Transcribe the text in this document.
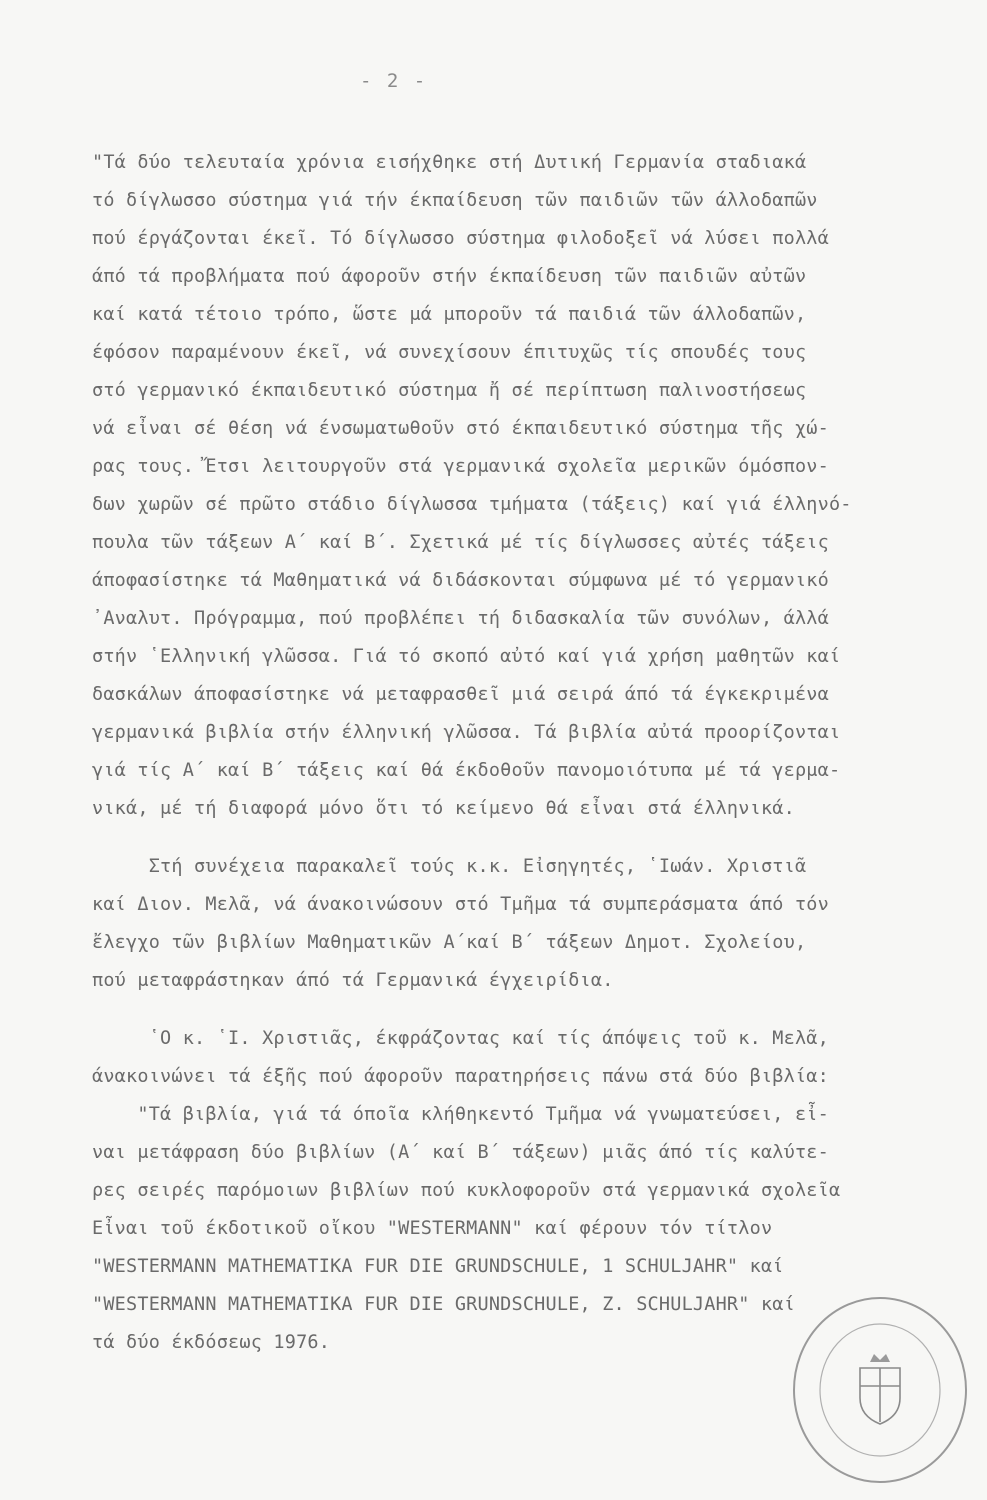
- 2 -
"Τά δύο τελευταία χρόνια εισήχθηκε στή Δυτική Γερμανία σταδιακά
τό δίγλωσσο σύστημα γιά τήν έκπαίδευση τῶν παιδιῶν τῶν άλλοδαπῶν
πού έργάζονται έκεῖ. Τό δίγλωσσο σύστημα φιλοδοξεῖ νά λύσει πολλά
άπό τά προβλήματα πού άφοροῦν στήν έκπαίδευση τῶν παιδιῶν αὐτῶν
καί κατά τέτοιο τρόπο, ὥστε μά μποροῦν τά παιδιά τῶν άλλοδαπῶν,
έφόσον παραμένουν έκεῖ, νά συνεχίσουν έπιτυχῶς τίς σπουδές τους
στό γερμανικό έκπαιδευτικό σύστημα ἤ σέ περίπτωση παλινοστήσεως
νά εἶναι σέ θέση νά ένσωματωθοῦν στό έκπαιδευτικό σύστημα τῆς χώ-
ρας τους. Ἔτσι λειτουργοῦν στά γερμανικά σχολεῖα μερικῶν όμόσπον-
δων χωρῶν σέ πρῶτο στάδιο δίγλωσσα τμήματα (τάξεις) καί γιά έλληνό-
πουλα τῶν τάξεων Α΄ καί Β΄. Σχετικά μέ τίς δίγλωσσες αὐτές τάξεις
άποφασίστηκε τά Μαθηματικά νά διδάσκονται σύμφωνα μέ τό γερμανικό
᾿Αναλυτ. Πρόγραμμα, πού προβλέπει τή διδασκαλία τῶν συνόλων, άλλά
στήν ῾Ελληνική γλῶσσα. Γιά τό σκοπό αὐτό καί γιά χρήση μαθητῶν καί
δασκάλων άποφασίστηκε νά μεταφρασθεῖ μιά σειρά άπό τά έγκεκριμένα
γερμανικά βιβλία στήν έλληνική γλῶσσα. Τά βιβλία αὐτά προορίζονται
γιά τίς Α΄ καί Β΄ τάξεις καί θά έκδοθοῦν πανομοιότυπα μέ τά γερμα-
νικά, μέ τή διαφορά μόνο ὅτι τό κείμενο θά εἶναι στά έλληνικά.
Στή συνέχεια παρακαλεῖ τούς κ.κ. Εἰσηγητές, ῾Ιωάν. Χριστιᾶ
καί Διον. Μελᾶ, νά άνακοινώσουν στό Τμῆμα τά συμπεράσματα άπό τόν
ἔλεγχο τῶν βιβλίων Μαθηματικῶν Α΄καί Β΄ τάξεων Δημοτ. Σχολείου,
πού μεταφράστηκαν άπό τά Γερμανικά έγχειρίδια.
῾Ο κ. ῾Ι. Χριστιᾶς, έκφράζοντας καί τίς άπόψεις τοῦ κ. Μελᾶ,
άνακοινώνει τά έξῆς πού άφοροῦν παρατηρήσεις πάνω στά δύο βιβλία:
"Τά βιβλία, γιά τά όποῖα κλήθηκεντό Τμῆμα νά γνωματεύσει, εἶ-
ναι μετάφραση δύο βιβλίων (Α΄ καί Β΄ τάξεων) μιᾶς άπό τίς καλύτε-
ρες σειρές παρόμοιων βιβλίων πού κυκλοφοροῦν στά γερμανικά σχολεῖα
Εἶναι τοῦ έκδοτικοῦ οἴκου "WESTERMANN" καί φέρουν τόν τίτλον
"WESTERMANN MATHEMATIKA FUR DIE GRUNDSCHULE, 1 SCHULJAHR" καί
"WESTERMANN MATHEMATIKA FUR DIE GRUNDSCHULE, Z. SCHULJAHR" καί
τά δύο έκδόσεως 1976.
